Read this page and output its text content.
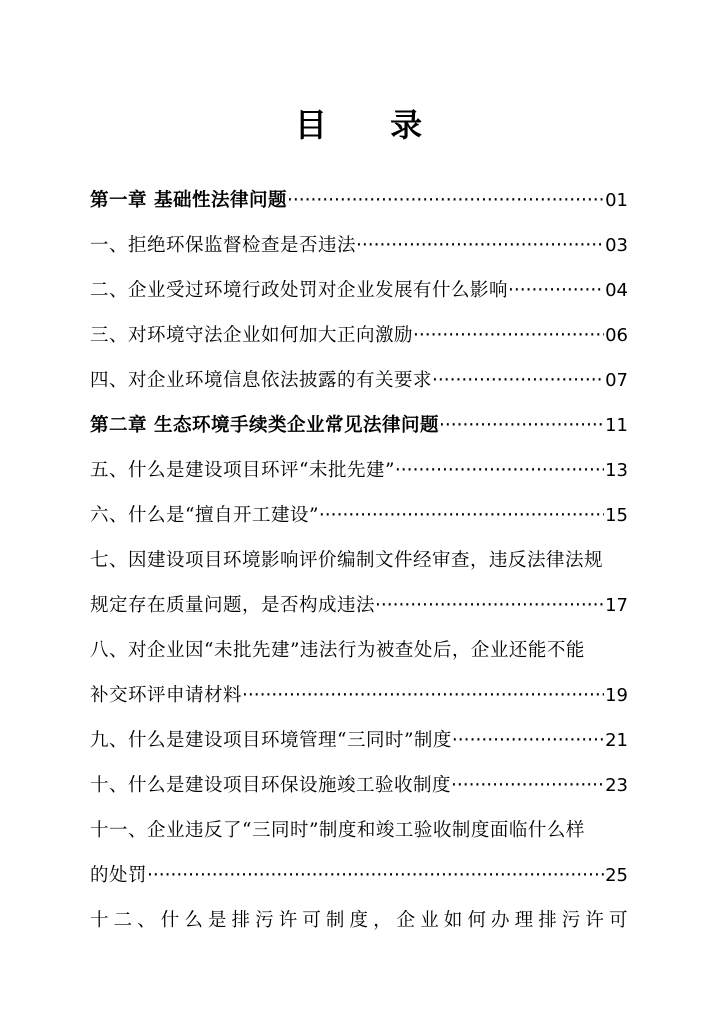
目 录
第一章 基础性法律问题 ·····	01
一、拒绝环保监督检查是否违法 ·····	03
二、企业受过环境行政处罚对企业发展有什么影响 ·····	04
三、对环境守法企业如何加大正向激励 ·····	06
四、对企业环境信息依法披露的有关要求 ·····	07
第二章 生态环境手续类企业常见法律问题 ·····	11
五、什么是建设项目环评“未批先建” ·····	13
六、什么是“擅自开工建设” ·····	15
七、因建设项目环境影响评价编制文件经审查，违反法律法规
规定存在质量问题，是否构成违法 ·····	17
八、对企业因“未批先建”违法行为被查处后，企业还能不能
补交环评申请材料 ·····	19
九、什么是建设项目环境管理“三同时”制度 ·····	21
十、什么是建设项目环保设施竣工验收制度 ·····	23
十一、企业违反了“三同时”制度和竣工验收制度面临什么样
的处罚 ·····	25
十二、什么是排污许可制度，企业如何办理排污许可
